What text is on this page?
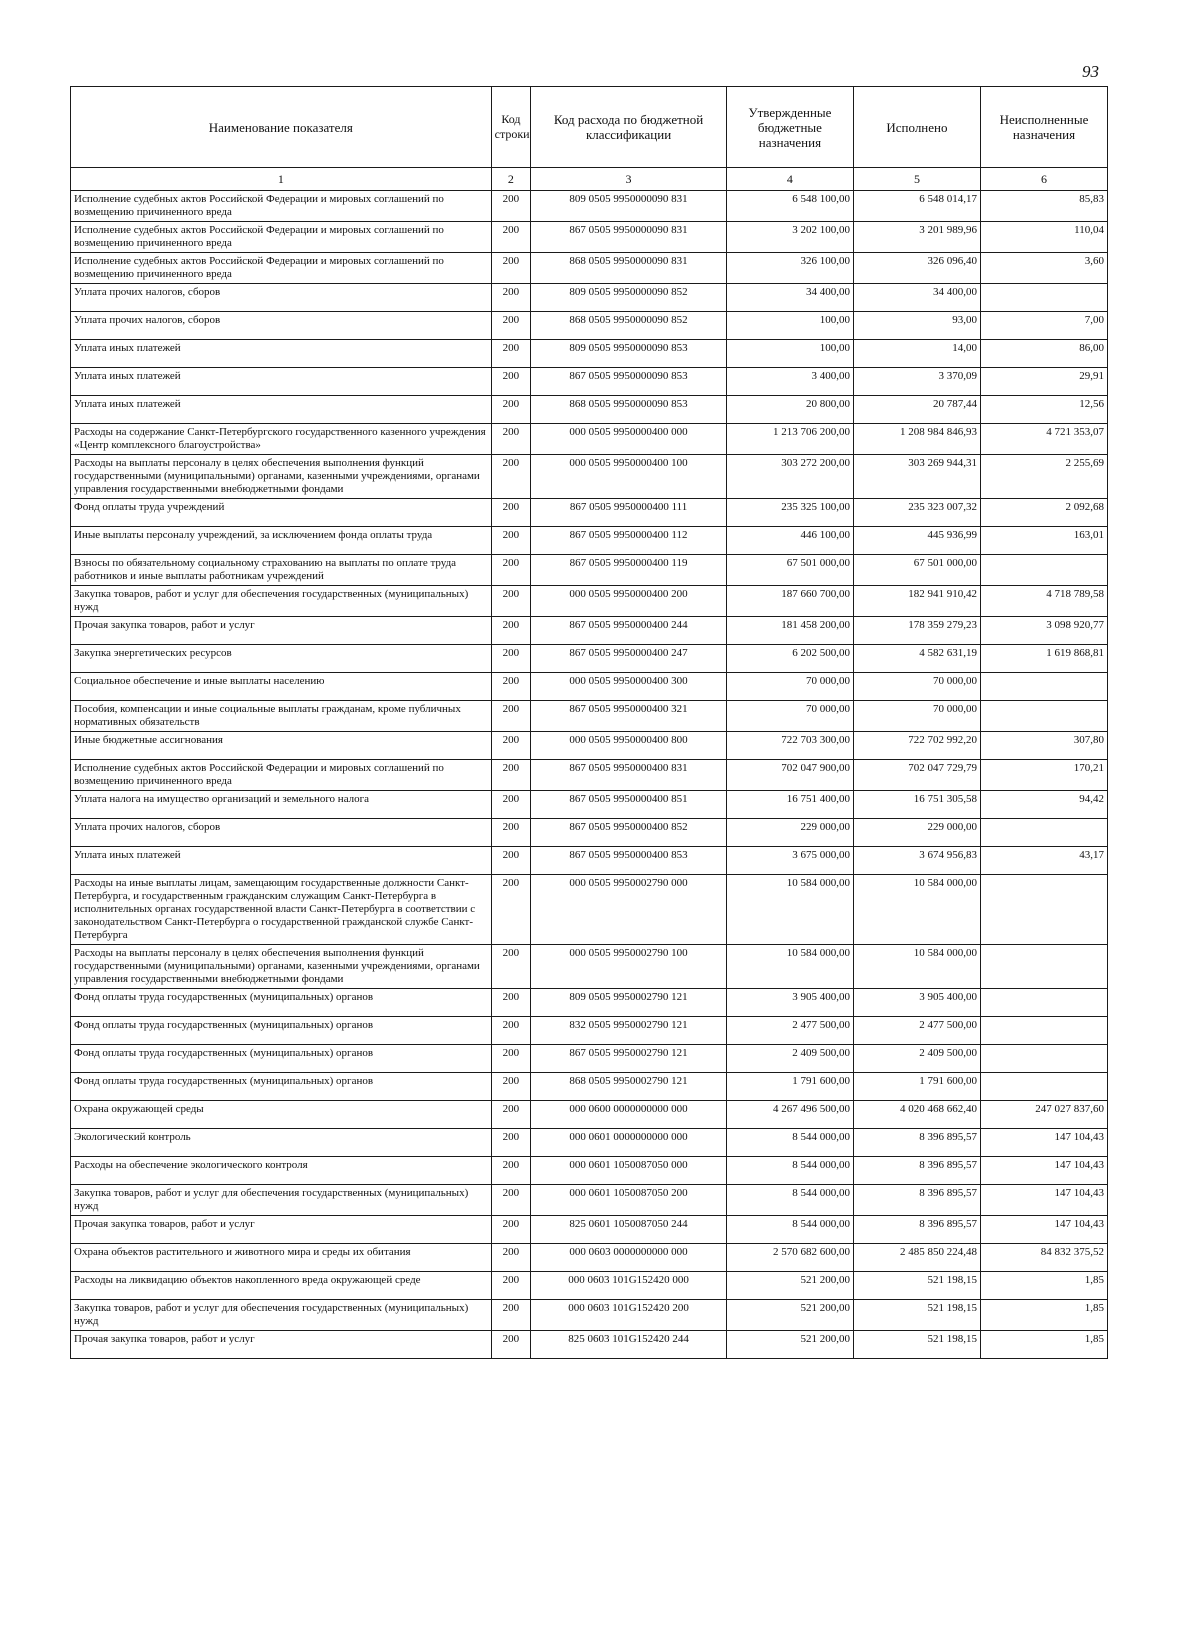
93
Наименование показателя	Код строки	Код расхода по бюджетной классификации	Утвержденные бюджетные назначения	Исполнено	Неисполненные назначения
1	2	3	4	5	6
Исполнение судебных актов Российской Федерации и мировых соглашений по возмещению причиненного вреда	200	809 0505 9950000090 831	6 548 100,00	6 548 014,17	85,83
Исполнение судебных актов Российской Федерации и мировых соглашений по возмещению причиненного вреда	200	867 0505 9950000090 831	3 202 100,00	3 201 989,96	110,04
Исполнение судебных актов Российской Федерации и мировых соглашений по возмещению причиненного вреда	200	868 0505 9950000090 831	326 100,00	326 096,40	3,60
Уплата прочих налогов, сборов	200	809 0505 9950000090 852	34 400,00	34 400,00	
Уплата прочих налогов, сборов	200	868 0505 9950000090 852	100,00	93,00	7,00
Уплата иных платежей	200	809 0505 9950000090 853	100,00	14,00	86,00
Уплата иных платежей	200	867 0505 9950000090 853	3 400,00	3 370,09	29,91
Уплата иных платежей	200	868 0505 9950000090 853	20 800,00	20 787,44	12,56
Расходы на содержание Санкт-Петербургского государственного казенного учреждения «Центр комплексного благоустройства»	200	000 0505 9950000400 000	1 213 706 200,00	1 208 984 846,93	4 721 353,07
Расходы на выплаты персоналу в целях обеспечения выполнения функций государственными (муниципальными) органами, казенными учреждениями, органами управления государственными внебюджетными фондами	200	000 0505 9950000400 100	303 272 200,00	303 269 944,31	2 255,69
Фонд оплаты труда учреждений	200	867 0505 9950000400 111	235 325 100,00	235 323 007,32	2 092,68
Иные выплаты персоналу учреждений, за исключением фонда оплаты труда	200	867 0505 9950000400 112	446 100,00	445 936,99	163,01
Взносы по обязательному социальному страхованию на выплаты по оплате труда работников и иные выплаты работникам учреждений	200	867 0505 9950000400 119	67 501 000,00	67 501 000,00	
Закупка товаров, работ и услуг для обеспечения государственных (муниципальных) нужд	200	000 0505 9950000400 200	187 660 700,00	182 941 910,42	4 718 789,58
Прочая закупка товаров, работ и услуг	200	867 0505 9950000400 244	181 458 200,00	178 359 279,23	3 098 920,77
Закупка энергетических ресурсов	200	867 0505 9950000400 247	6 202 500,00	4 582 631,19	1 619 868,81
Социальное обеспечение и иные выплаты населению	200	000 0505 9950000400 300	70 000,00	70 000,00	
Пособия, компенсации и иные социальные выплаты гражданам, кроме публичных нормативных обязательств	200	867 0505 9950000400 321	70 000,00	70 000,00	
Иные бюджетные ассигнования	200	000 0505 9950000400 800	722 703 300,00	722 702 992,20	307,80
Исполнение судебных актов Российской Федерации и мировых соглашений по возмещению причиненного вреда	200	867 0505 9950000400 831	702 047 900,00	702 047 729,79	170,21
Уплата налога на имущество организаций и земельного налога	200	867 0505 9950000400 851	16 751 400,00	16 751 305,58	94,42
Уплата прочих налогов, сборов	200	867 0505 9950000400 852	229 000,00	229 000,00	
Уплата иных платежей	200	867 0505 9950000400 853	3 675 000,00	3 674 956,83	43,17
Расходы на иные выплаты лицам, замещающим государственные должности Санкт-Петербурга, и государственным гражданским служащим Санкт-Петербурга в исполнительных органах государственной власти Санкт-Петербурга в соответствии с законодательством Санкт-Петербурга о государственной гражданской службе Санкт-Петербурга	200	000 0505 9950002790 000	10 584 000,00	10 584 000,00	
Расходы на выплаты персоналу в целях обеспечения выполнения функций государственными (муниципальными) органами, казенными учреждениями, органами управления государственными внебюджетными фондами	200	000 0505 9950002790 100	10 584 000,00	10 584 000,00	
Фонд оплаты труда государственных (муниципальных) органов	200	809 0505 9950002790 121	3 905 400,00	3 905 400,00	
Фонд оплаты труда государственных (муниципальных) органов	200	832 0505 9950002790 121	2 477 500,00	2 477 500,00	
Фонд оплаты труда государственных (муниципальных) органов	200	867 0505 9950002790 121	2 409 500,00	2 409 500,00	
Фонд оплаты труда государственных (муниципальных) органов	200	868 0505 9950002790 121	1 791 600,00	1 791 600,00	
Охрана окружающей среды	200	000 0600 0000000000 000	4 267 496 500,00	4 020 468 662,40	247 027 837,60
Экологический контроль	200	000 0601 0000000000 000	8 544 000,00	8 396 895,57	147 104,43
Расходы на обеспечение экологического контроля	200	000 0601 1050087050 000	8 544 000,00	8 396 895,57	147 104,43
Закупка товаров, работ и услуг для обеспечения государственных (муниципальных) нужд	200	000 0601 1050087050 200	8 544 000,00	8 396 895,57	147 104,43
Прочая закупка товаров, работ и услуг	200	825 0601 1050087050 244	8 544 000,00	8 396 895,57	147 104,43
Охрана объектов растительного и животного мира и среды их обитания	200	000 0603 0000000000 000	2 570 682 600,00	2 485 850 224,48	84 832 375,52
Расходы на ликвидацию объектов накопленного вреда окружающей среде	200	000 0603 101G152420 000	521 200,00	521 198,15	1,85
Закупка товаров, работ и услуг для обеспечения государственных (муниципальных) нужд	200	000 0603 101G152420 200	521 200,00	521 198,15	1,85
Прочая закупка товаров, работ и услуг	200	825 0603 101G152420 244	521 200,00	521 198,15	1,85
